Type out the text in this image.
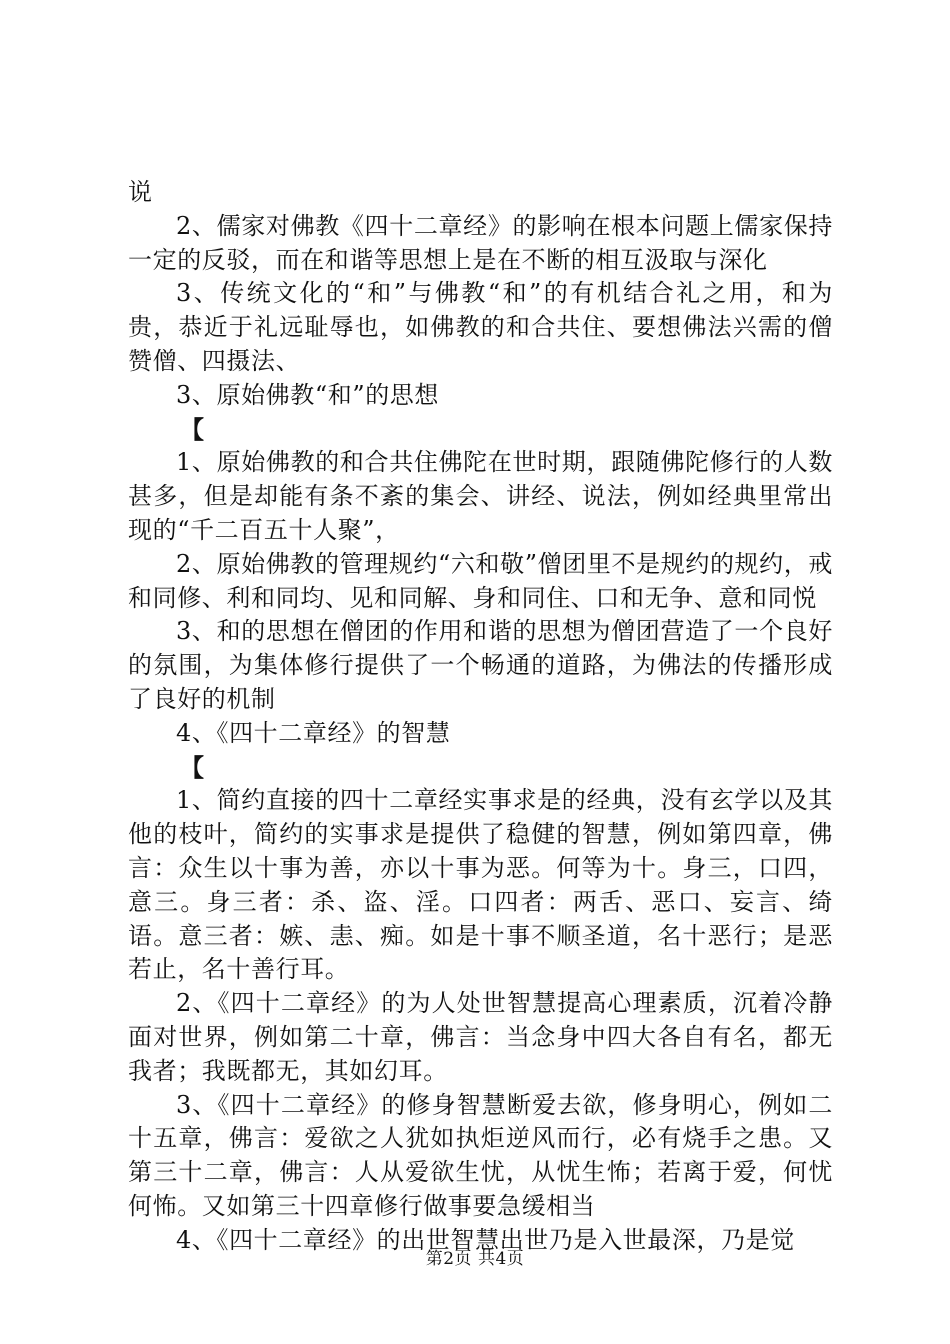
说

2、儒家对佛教《四十二章经》的影响在根本问题上儒家保持一定的反驳，而在和谐等思想上是在不断的相互汲取与深化

3、传统文化的“和”与佛教“和”的有机结合礼之用，和为贵，恭近于礼远耻辱也，如佛教的和合共住、要想佛法兴需的僧赞僧、四摄法、

3、原始佛教“和”的思想

【

1、原始佛教的和合共住佛陀在世时期，跟随佛陀修行的人数甚多，但是却能有条不紊的集会、讲经、说法，例如经典里常出现的“千二百五十人聚”，

2、原始佛教的管理规约“六和敬”僧团里不是规约的规约，戒和同修、利和同均、见和同解、身和同住、口和无争、意和同悦

3、和的思想在僧团的作用和谐的思想为僧团营造了一个良好的氛围，为集体修行提供了一个畅通的道路，为佛法的传播形成了良好的机制

4、《四十二章经》的智慧

【

1、简约直接的四十二章经实事求是的经典，没有玄学以及其他的枝叶，简约的实事求是提供了稳健的智慧，例如第四章，佛言：众生以十事为善，亦以十事为恶。何等为十。身三，口四，意三。身三者：杀、盗、淫。口四者：两舌、恶口、妄言、绮语。意三者：嫉、恚、痴。如是十事不顺圣道，名十恶行；是恶若止，名十善行耳。

2、《四十二章经》的为人处世智慧提高心理素质，沉着冷静面对世界，例如第二十章，佛言：当念身中四大各自有名，都无我者；我既都无，其如幻耳。

3、《四十二章经》的修身智慧断爱去欲，修身明心，例如二十五章，佛言：爱欲之人犹如执炬逆风而行，必有烧手之患。又第三十二章，佛言：人从爱欲生忧，从忧生怖；若离于爱，何忧何怖。又如第三十四章修行做事要急缓相当

4、《四十二章经》的出世智慧出世乃是入世最深，乃是觉

第2页 共4页
